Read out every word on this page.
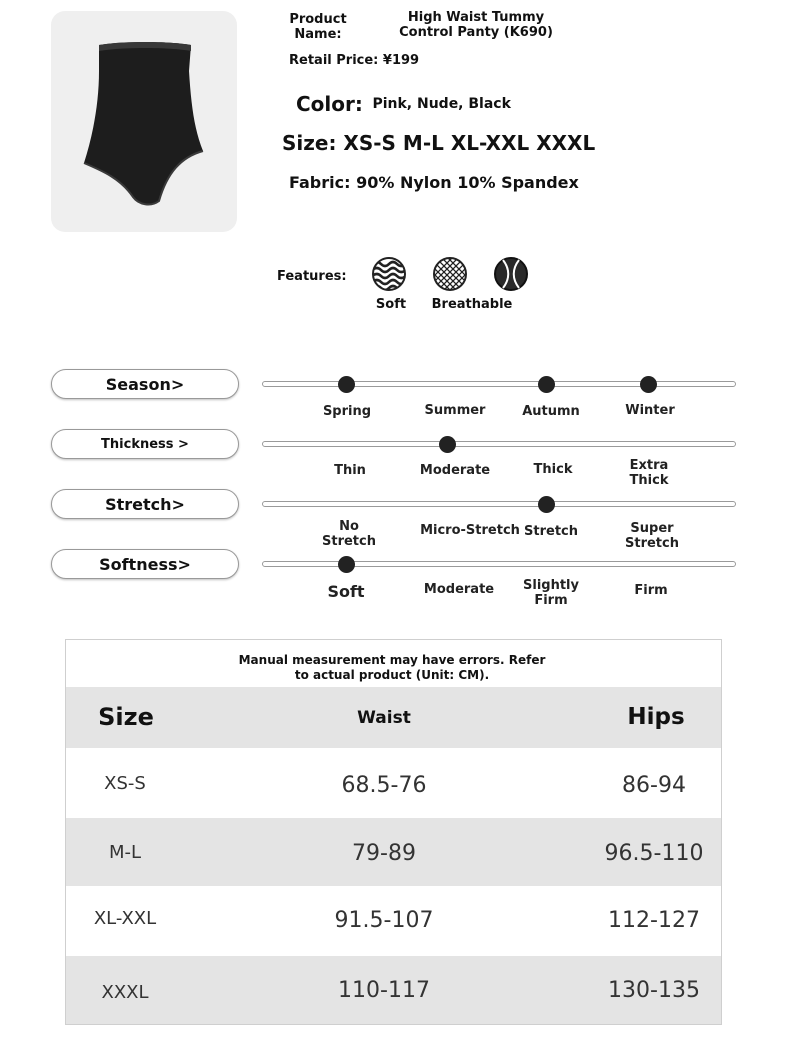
Product Name:
High Waist Tummy Control Panty (K690)
Retail Price: ¥199
Color: Pink, Nude, Black
Size: XS-S M-L XL-XXL XXXL
Fabric: 90% Nylon 10% Spandex
Features:
Soft Breathable
Season>
Spring	Summer	Autumn	Winter
Thickness >
Thin	Moderate	Thick	Extra Thick
Stretch>
No Stretch
Micro-Stretch Stretch	Super Stretch
Softness>
Soft	Moderate Slightly Firm
Firm
Manual measurement may have errors. Refer to actual product (Unit: CM).
Size	Waist	Hips
XS-S	68.5-76	86-94
M-L	79-89	96.5-110
XL-XXL	91.5-107	112-127
XXXL	110-117	130-135
